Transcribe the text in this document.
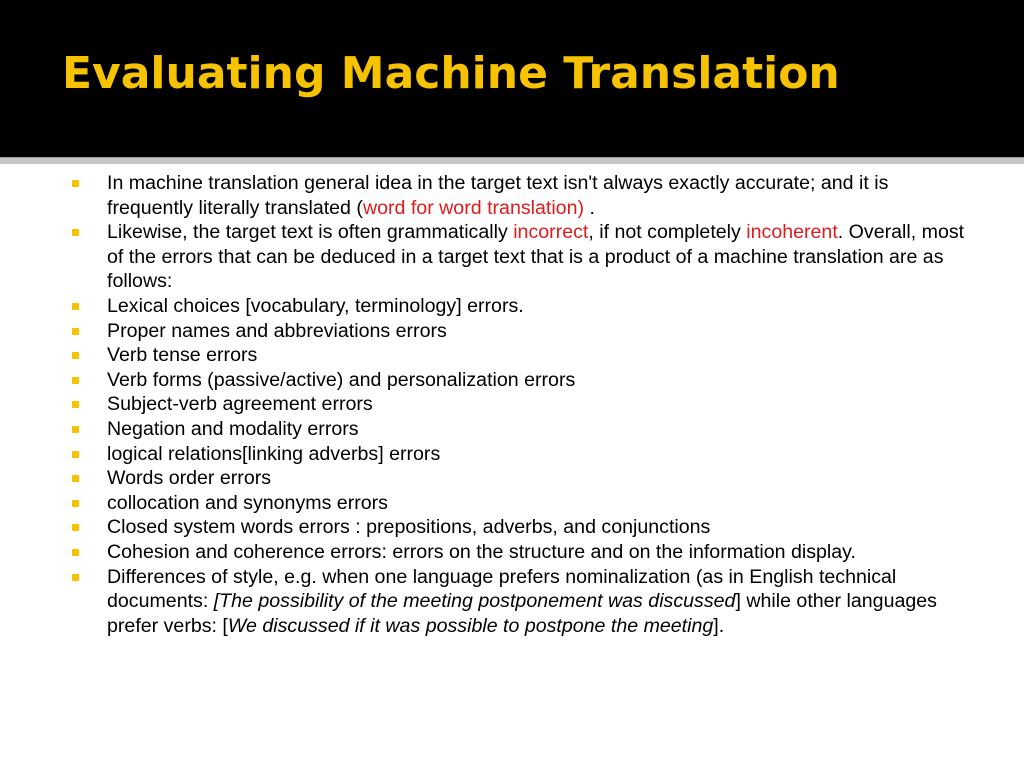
Evaluating Machine Translation
In machine translation general idea in the target text isn't always exactly accurate; and it is frequently literally translated (word for word translation) .
Likewise, the target text is often grammatically incorrect, if not completely incoherent. Overall, most of the errors that can be deduced in a target text that is a product of a machine translation are as follows:
Lexical choices [vocabulary, terminology] errors.
Proper names and abbreviations errors
Verb tense errors
Verb forms (passive/active) and personalization errors
Subject-verb agreement errors
Negation and modality errors
logical relations[linking adverbs] errors
Words order errors
collocation and synonyms errors
Closed system words errors : prepositions, adverbs, and conjunctions
Cohesion and coherence errors: errors on the structure and on the information display.
Differences of style, e.g. when one language prefers nominalization (as in English technical documents: [The possibility of the meeting postponement was discussed] while other languages prefer verbs: [We discussed if it was possible to postpone the meeting].
